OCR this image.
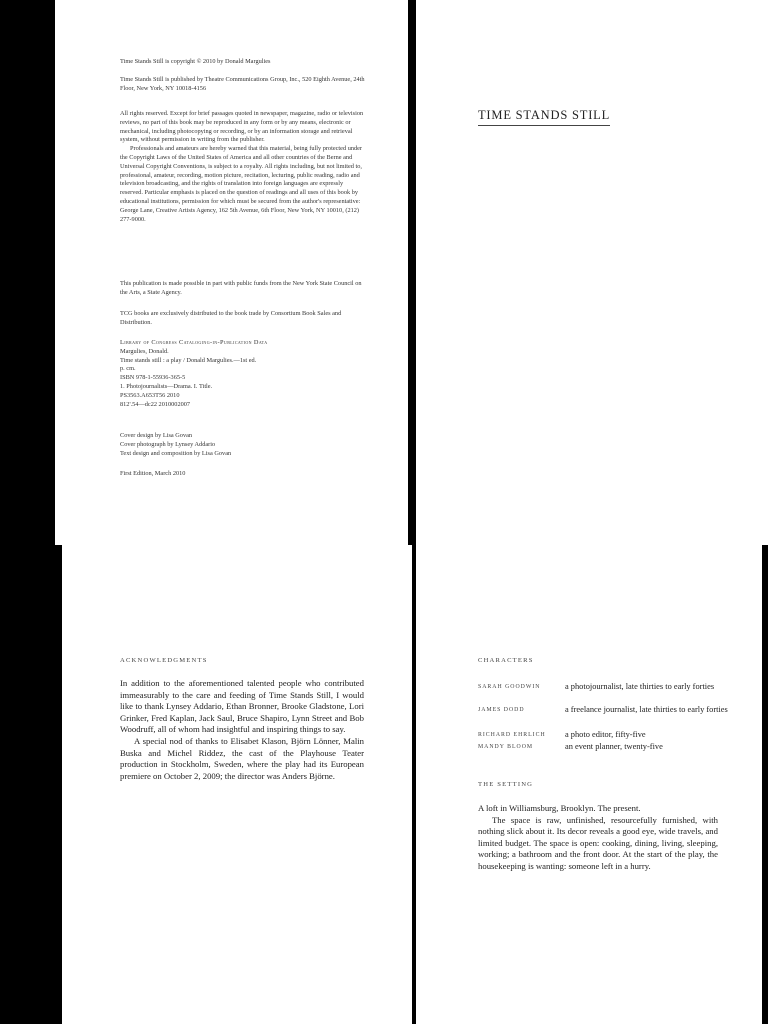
Time Stands Still is copyright © 2010 by Donald Margulies
Time Stands Still is published by Theatre Communications Group, Inc., 520 Eighth Avenue, 24th Floor, New York, NY 10018-4156

All rights reserved. Except for brief passages quoted in newspaper, magazine, radio or television reviews, no part of this book may be reproduced in any form or by any means, electronic or mechanical, including photocopying or recording, or by an information storage and retrieval system, without permission in writing from the publisher.

Professionals and amateurs are hereby warned that this material, being fully protected under the Copyright Laws of the United States of America and all other countries of the Berne and Universal Copyright Conventions, is subject to a royalty. All rights including, but not limited to, professional, amateur, recording, motion picture, recitation, lecturing, public reading, radio and television broadcasting, and the rights of translation into foreign languages are expressly reserved. Particular emphasis is placed on the question of readings and all uses of this book by educational institutions, permission for which must be secured from the author's representative: George Lane, Creative Artists Agency, 162 5th Avenue, 6th Floor, New York, NY 10010, (212) 277-9000.

This publication is made possible in part with public funds from the New York State Council on the Arts, a State Agency.
TCG books are exclusively distributed to the book trade by Consortium Book Sales and Distribution.

Library of Congress Cataloging-in-Publication Data

Margulies, Donald.

Time stands still : a play / Donald Margulies.—1st ed.

p. cm.

ISBN 978-1-55936-365-5

1. Photojournalists—Drama. I. Title.

PS3563.A653T56 2010

812'.54—dc22 2010002007

Cover design by Lisa Govan

Cover photograph by Lynsey Addario

Text design and composition by Lisa Govan

First Edition, March 2010
TIME STANDS STILL
ACKNOWLEDGMENTS

In addition to the aforementioned talented people who contributed immeasurably to the care and feeding of Time Stands Still, I would like to thank Lynsey Addario, Ethan Bronner, Brooke Gladstone, Lori Grinker, Fred Kaplan, Jack Saul, Bruce Shapiro, Lynn Street and Bob Woodruff, all of whom had insightful and inspiring things to say.

A special nod of thanks to Elisabet Klason, Björn Lönner, Malin Buska and Michel Riddez, the cast of the Playhouse Teater production in Stockholm, Sweden, where the play had its European premiere on October 2, 2009; the director was Anders Björne.

CHARACTERS
SARAH GOODWIN	a photojournalist, late thirties to early forties
JAMES DODD	a freelance journalist, late thirties to early forties
RICHARD EHRLICH a photo editor, fifty-five
MANDY BLOOM	an event planner, twenty-five
THE SETTING

A loft in Williamsburg, Brooklyn. The present.

The space is raw, unfinished, resourcefully furnished, with nothing slick about it. Its decor reveals a good eye, wide travels, and limited budget. The space is open: cooking, dining, living, sleeping, working; a bathroom and the front door. At the start of the play, the housekeeping is wanting: someone left in a hurry.
